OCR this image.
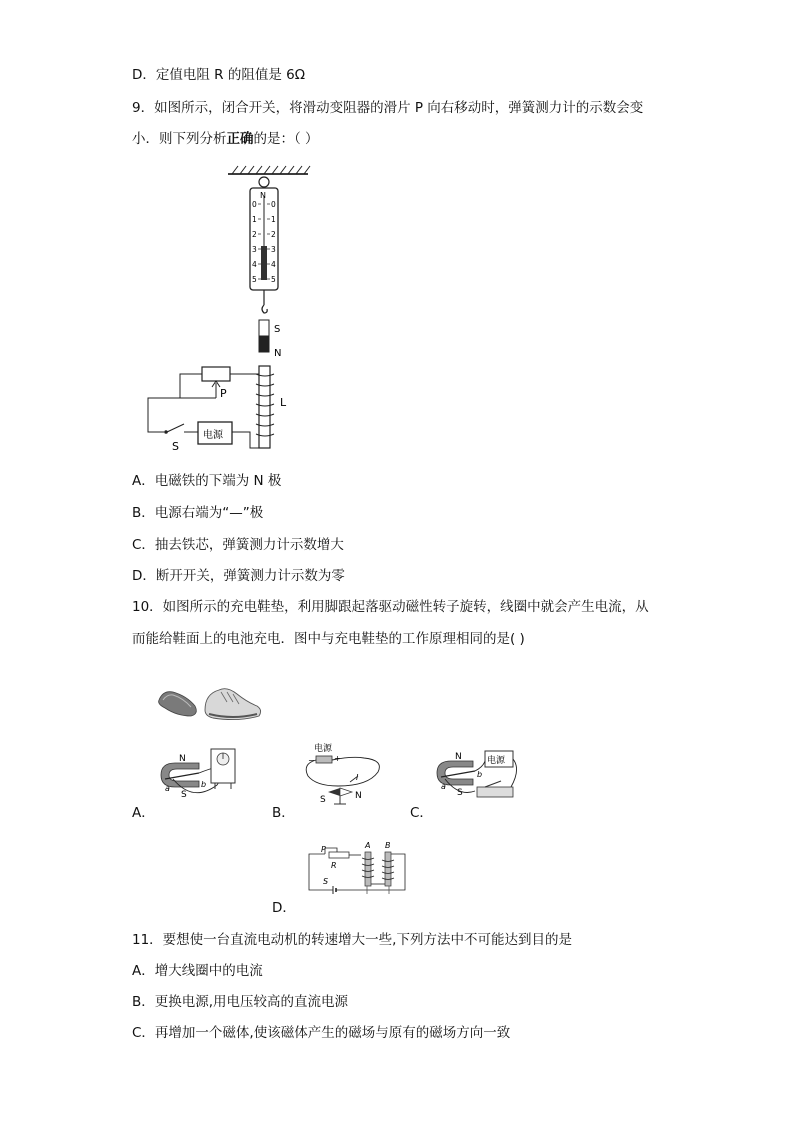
D．定值电阻 R 的阻值是 6Ω
9．如图所示，闭合开关，将滑动变阻器的滑片 P 向右移动时，弹簧测力计的示数会变
小．则下列分析正确的是：（ ）
N
0 0
1 1
2 2
3 3
4 4
5 5
S
N
L
P
S
电源
A．电磁铁的下端为 N 极
B．电源右端为“—”极
C．抽去铁芯，弹簧测力计示数增大
D．断开开关，弹簧测力计示数为零
10．如图所示的充电鞋垫，利用脚跟起落驱动磁性转子旋转，线圈中就会产生电流，从
而能给鞋面上的电池充电．图中与充电鞋垫的工作原理相同的是( )
A．
N
S
a	b
B．
电源
− +
I
S	N
C．
N
S
a
b
电源
D．
P
R
S
A B
11．要想使一台直流电动机的转速增大一些,下列方法中不可能达到目的是
A．增大线圈中的电流
B．更换电源,用电压较高的直流电源
C．再增加一个磁体,使该磁体产生的磁场与原有的磁场方向一致
